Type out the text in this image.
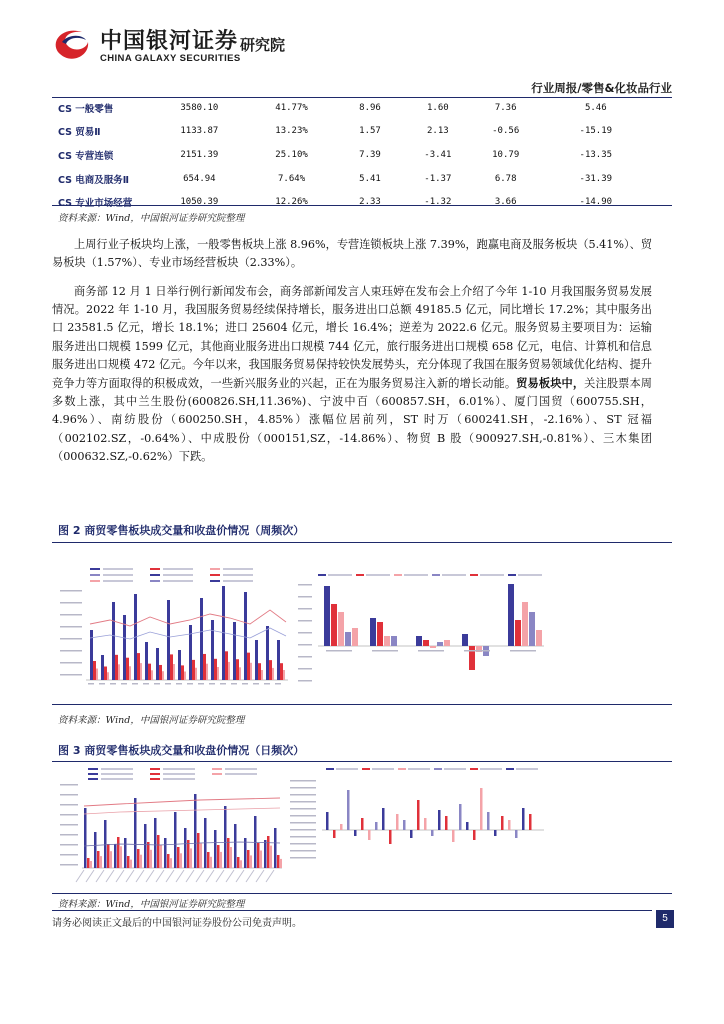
中国银河证券
CHINA GALAXY SECURITIES
研究院
行业周报/零售&化妆品行业
CS 一般零售	3580.10	41.77%	8.96	1.60	7.36	5.46
CS 贸易Ⅱ	1133.87	13.23%	1.57	2.13	-0.56	-15.19
CS 专营连锁	2151.39	25.10%	7.39	-3.41	10.79	-13.35
CS 电商及服务Ⅱ	654.94	7.64%	5.41	-1.37	6.78	-31.39
CS 专业市场经营	1050.39	12.26%	2.33	-1.32	3.66	-14.90
资料来源：Wind，中国银河证券研究院整理
上周行业子板块均上涨，一般零售板块上涨 8.96%，专营连锁板块上涨 7.39%，跑赢电商及服务板块（5.41%）、贸易板块（1.57%）、专业市场经营板块（2.33%）。
商务部 12 月 1 日举行例行新闻发布会，商务部新闻发言人束珏婷在发布会上介绍了今年 1-10 月我国服务贸易发展情况。2022 年 1-10 月，我国服务贸易经续保持增长，服务进出口总额 49185.5 亿元，同比增长 17.2%；其中服务出口 23581.5 亿元，增长 18.1%；进口 25604 亿元，增长 16.4%；逆差为 2022.6 亿元。服务贸易主要项目为：运输服务进出口规模 1599 亿元，其他商业服务进出口规模 744 亿元，旅行服务进出口规模 658 亿元，电信、计算机和信息服务进出口规模 472 亿元。今年以来，我国服务贸易保持较快发展势头，充分体现了我国在服务贸易领域优化结构、提升竞争力等方面取得的积极成效，一些新兴服务业的兴起，正在为服务贸易注入新的增长动能。贸易板块中，关注股票本周多数上涨，其中兰生股份(600826.SH,11.36%)、宁波中百（600857.SH，6.01%）、厦门国贸（600755.SH，4.96%）、南纺股份（600250.SH，4.85%）涨幅位居前列，ST 时万（600241.SH，-2.16%）、ST 冠福（002102.SZ，-0.64%）、中成股份（000151,SZ，-14.86%）、物贸 B 股（900927.SH,-0.81%）、三木集团（000632.SZ,-0.62%）下跌。
图 2 商贸零售板块成交量和收盘价情况（周频次）
资料来源：Wind，中国银河证券研究院整理
图 3 商贸零售板块成交量和收盘价情况（日频次）
资料来源：Wind，中国银河证券研究院整理
请务必阅读正文最后的中国银河证券股份公司免责声明。	5
